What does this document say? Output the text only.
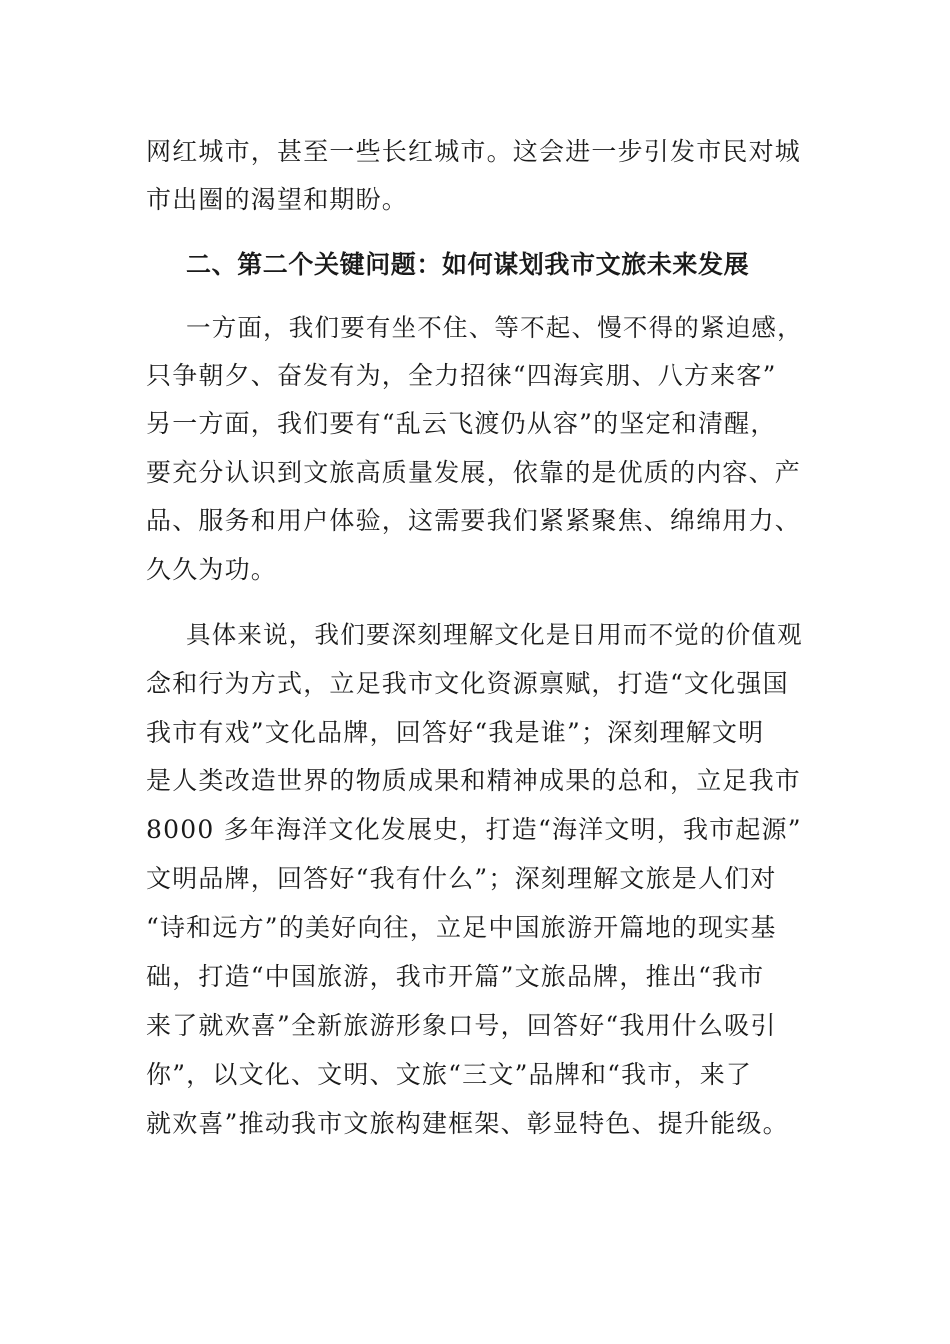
网红城市，甚至一些长红城市。这会进一步引发市民对城
市出圈的渴望和期盼。
二、第二个关键问题：如何谋划我市文旅未来发展
一方面，我们要有坐不住、等不起、慢不得的紧迫感，
只争朝夕、奋发有为，全力招徕“四海宾朋、八方来客”
另一方面，我们要有“乱云飞渡仍从容”的坚定和清醒，
要充分认识到文旅高质量发展，依靠的是优质的内容、产
品、服务和用户体验，这需要我们紧紧聚焦、绵绵用力、
久久为功。
具体来说，我们要深刻理解文化是日用而不觉的价值观
念和行为方式，立足我市文化资源禀赋，打造“文化强国
我市有戏”文化品牌，回答好“我是谁”；深刻理解文明
是人类改造世界的物质成果和精神成果的总和，立足我市
8000 多年海洋文化发展史，打造“海洋文明，我市起源”
文明品牌，回答好“我有什么”；深刻理解文旅是人们对
“诗和远方”的美好向往，立足中国旅游开篇地的现实基
础，打造“中国旅游，我市开篇”文旅品牌，推出“我市
来了就欢喜”全新旅游形象口号，回答好“我用什么吸引
你”，以文化、文明、文旅“三文”品牌和“我市，来了
就欢喜”推动我市文旅构建框架、彰显特色、提升能级。
